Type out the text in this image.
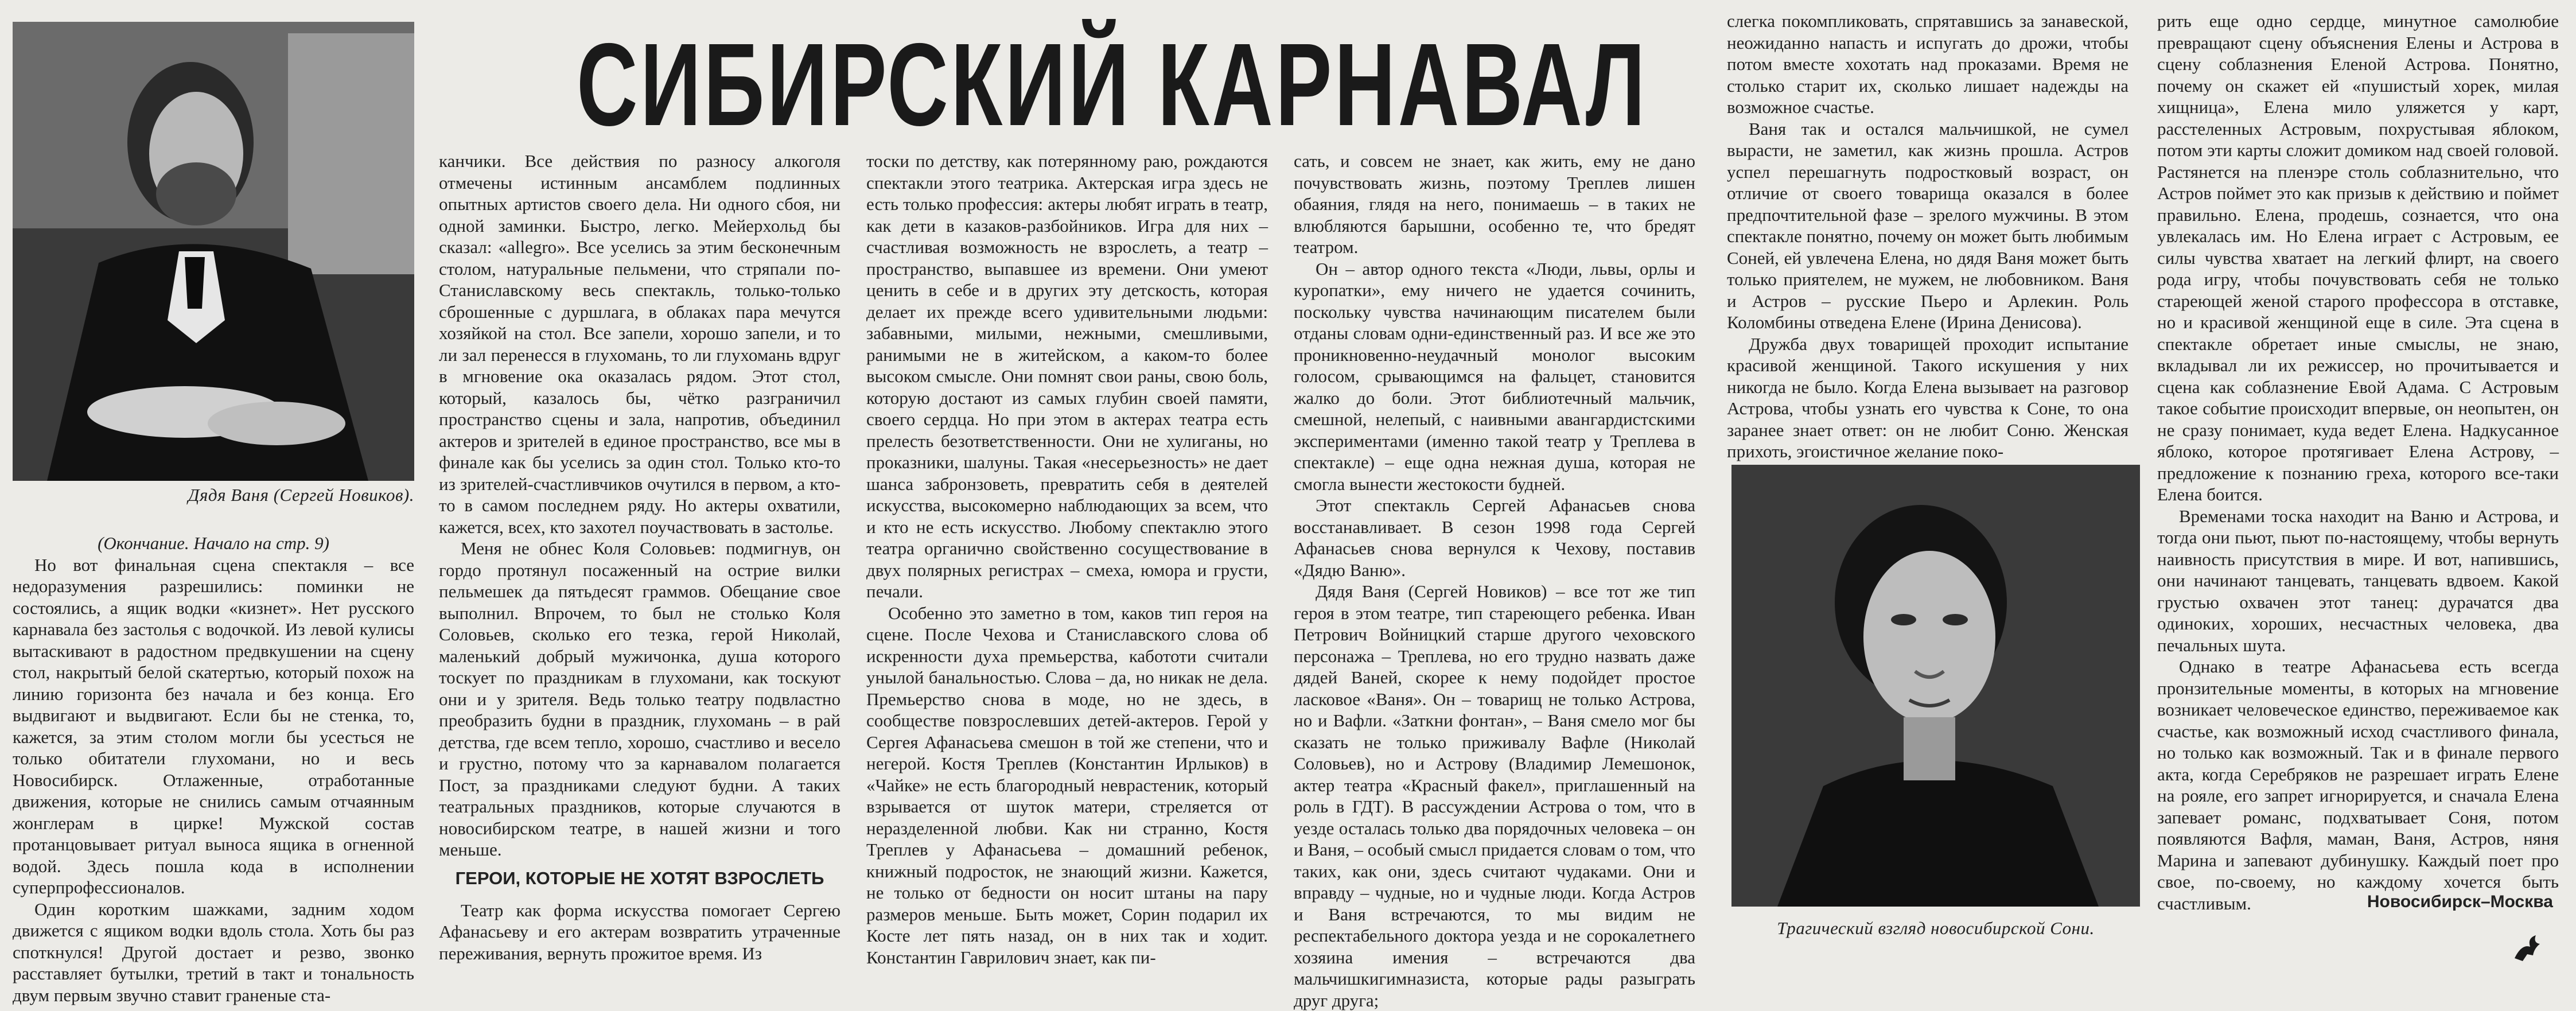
Дядя Ваня (Сергей Новиков).
СИБИРСКИЙ КАРНАВАЛ

(Окончание. Начало на стр. 9)

Но вот финальная сцена спектакля – все недоразумения разрешились: поминки не состоялись, а ящик водки «кизнет». Нет русского карнавала без застолья с водочкой. Из левой кулисы вытаскивают в радостном предвкушении на сцену стол, накрытый белой скатертью, который похож на линию горизонта без начала и без конца. Его выдвигают и выдвигают. Если бы не стенка, то, кажется, за этим столом могли бы усесться не только обитатели глухомани, но и весь Новосибирск. Отлаженные, отработанные движения, которые не снились самым отчаянным жонглерам в цирке! Мужской состав протанцовывает ритуал выноса ящика в огненной водой. Здесь пошла кода в исполнении суперпрофессионалов.

Один коротким шажками, задним ходом движется с ящиком водки вдоль стола. Хоть бы раз споткнулся! Другой достает и резво, звонко расставляет бутылки, третий в такт и тональность двум первым звучно ставит граненые ста-

канчики. Все действия по разносу алкоголя отмечены истинным ансамблем подлинных опытных артистов своего дела. Ни одного сбоя, ни одной заминки. Быстро, легко. Мейерхольд бы сказал: «allegro». Все уселись за этим бесконечным столом, натуральные пельмени, что стряпали по-Станиславскому весь спектакль, только-только сброшенные с дуршлага, в облаках пара мечутся хозяйкой на стол. Все запели, хорошо запели, и то ли зал перенесся в глухомань, то ли глухомань вдруг в мгновение ока оказалась рядом. Этот стол, который, казалось бы, чётко разграничил пространство сцены и зала, напротив, объединил актеров и зрителей в единое пространство, все мы в финале как бы уселись за один стол. Только кто-то из зрителей-счастливчиков очутился в первом, а кто-то в самом последнем ряду. Но актеры охватили, кажется, всех, кто захотел поучаствовать в застолье.

Меня не обнес Коля Соловьев: подмигнув, он гордо протянул посаженный на острие вилки пельмешек да пятьдесят граммов. Обещание свое выполнил. Впрочем, то был не столько Коля Соловьев, сколько его тезка, герой Николай, маленький добрый мужичонка, душа которого тоскует по праздникам в глухомани, как тоскуют они и у зрителя. Ведь только театру подвластно преобразить будни в праздник, глухомань – в рай детства, где всем тепло, хорошо, счастливо и весело и грустно, потому что за карнавалом полагается Пост, за праздниками следуют будни. А таких театральных праздников, которые случаются в новосибирском театре, в нашей жизни и того меньше.

ГЕРОИ, КОТОРЫЕ НЕ ХОТЯТ ВЗРОСЛЕТЬ

Театр как форма искусства помогает Сергею Афанасьеву и его актерам возвратить утраченные переживания, вернуть прожитое время. Из

тоски по детству, как потерянному раю, рождаются спектакли этого театрика. Актерская игра здесь не есть только профессия: актеры любят играть в театр, как дети в казаков-разбойников. Игра для них – счастливая возможность не взрослеть, а театр – пространство, выпавшее из времени. Они умеют ценить в себе и в других эту детскость, которая делает их прежде всего удивительными людьми: забавными, милыми, нежными, смешливыми, ранимыми не в житейском, а каком-то более высоком смысле. Они помнят свои раны, свою боль, которую достают из самых глубин своей памяти, своего сердца. Но при этом в актерах театра есть прелесть безответственности. Они не хулиганы, но проказники, шалуны. Такая «несерьезность» не дает шанса забронзоветь, превратить себя в деятелей искусства, высокомерно наблюдающих за всем, что и кто не есть искусство. Любому спектаклю этого театра органично свойственно сосуществование в двух полярных регистрах – смеха, юмора и грусти, печали.

Особенно это заметно в том, каков тип героя на сцене. После Чехова и Станиславского слова об искренности духа премьерства, кабототи считали унылой банальностью. Слова – да, но никак не дела. Премьерство снова в моде, но не здесь, в сообществе повзрослевших детей-актеров. Герой у Сергея Афанасьева смешон в той же степени, что и негерой. Костя Треплев (Константин Ирлыков) в «Чайке» не есть благородный неврастеник, который взрывается от шуток матери, стреляется от неразделенной любви. Как ни странно, Костя Треплев у Афанасьева – домашний ребенок, книжный подросток, не знающий жизни. Кажется, не только от бедности он носит штаны на пару размеров меньше. Быть может, Сорин подарил их Косте лет пять назад, он в них так и ходит. Константин Гаврилович знает, как пи-

сать, и совсем не знает, как жить, ему не дано почувствовать жизнь, поэтому Треплев лишен обаяния, глядя на него, понимаешь – в таких не влюбляются барышни, особенно те, что бредят театром.

Он – автор одного текста «Люди, львы, орлы и куропатки», ему ничего не удается сочинить, поскольку чувства начинающим писателем были отданы словам одни-единственный раз. И все же это проникновенно-неудачный монолог высоким голосом, срывающимся на фальцет, становится жалко до боли. Этот библиотечный мальчик, смешной, нелепый, с наивными авангардистскими экспериментами (именно такой театр у Треплева в спектакле) – еще одна нежная душа, которая не смогла вынести жестокости будней.

Этот спектакль Сергей Афанасьев снова восстанавливает. В сезон 1998 года Сергей Афанасьев снова вернулся к Чехову, поставив «Дядю Ваню».

Дядя Ваня (Сергей Новиков) – все тот же тип героя в этом театре, тип стареющего ребенка. Иван Петрович Войницкий старше другого чеховского персонажа – Треплева, но его трудно назвать даже дядей Ваней, скорее к нему подойдет простое ласковое «Ваня». Он – товарищ не только Астрова, но и Вафли. «Заткни фонтан», – Ваня смело мог бы сказать не только приживалу Вафле (Николай Соловьев), но и Астрову (Владимир Лемешонок, актер театра «Красный факел», приглашенный на роль в ГДТ). В рассуждении Астрова о том, что в уезде осталась только два порядочных человека – он и Ваня, – особый смысл придается словам о том, что таких, как они, здесь считают чудаками. Они и вправду – чудные, но и чудные люди. Когда Астров и Ваня встречаются, то мы видим не респектабельного доктора уезда и не сорокалетнего хозяина имения – встречаются два мальчишкигимназиста, которые рады разыграть друг друга;

слегка покомпликовать, спрятавшись за занавеской, неожиданно напасть и испугать до дрожи, чтобы потом вместе хохотать над проказами. Время не столько старит их, сколько лишает надежды на возможное счастье.

Ваня так и остался мальчишкой, не сумел вырасти, не заметил, как жизнь прошла. Астров успел перешагнуть подростковый возраст, он отличие от своего товарища оказался в более предпочтительной фазе – зрелого мужчины. В этом спектакле понятно, почему он может быть любимым Соней, ей увлечена Елена, но дядя Ваня может быть только приятелем, не мужем, не любовником. Ваня и Астров – русские Пьеро и Арлекин. Роль Коломбины отведена Елене (Ирина Денисова).

Дружба двух товарищей проходит испытание красивой женщиной. Такого искушения у них никогда не было. Когда Елена вызывает на разговор Астрова, чтобы узнать его чувства к Соне, то она заранее знает ответ: он не любит Соню. Женская прихоть, эгоистичное желание поко-

Трагический взгляд новосибирской Сони.

рить еще одно сердце, минутное самолюбие превращают сцену объяснения Елены и Астрова в сцену соблазнения Еленой Астрова. Понятно, почему он скажет ей «пушистый хорек, милая хищница», Елена мило уляжется у карт, расстеленных Астровым, похрустывая яблоком, потом эти карты сложит домиком над своей головой. Растянется на пленэре столь соблазнительно, что Астров поймет это как призыв к действию и поймет правильно. Елена, продешь, сознается, что она увлекалась им. Но Елена играет с Астровым, ее силы чувства хватает на легкий флирт, на своего рода игру, чтобы почувствовать себя не только стареющей женой старого профессора в отставке, но и красивой женщиной еще в силе. Эта сцена в спектакле обретает иные смыслы, не знаю, вкладывал ли их режиссер, но прочитывается и сцена как соблазнение Евой Адама. С Астровым такое событие происходит впервые, он неопытен, он не сразу понимает, куда ведет Елена. Надкусанное яблоко, которое протягивает Елена Астрову, – предложение к познанию греха, которого все-таки Елена боится.

Временами тоска находит на Ваню и Астрова, и тогда они пьют, пьют по-настоящему, чтобы вернуть наивность присутствия в мире. И вот, напившись, они начинают танцевать, танцевать вдвоем. Какой грустью охвачен этот танец: дурачатся два одиноких, хороших, несчастных человека, два печальных шута.

Однако в театре Афанасьева есть всегда пронзительные моменты, в которых на мгновение возникает человеческое единство, переживаемое как счастье, как возможный исход счастливого финала, но только как возможный. Так и в финале первого акта, когда Серебряков не разрешает играть Елене на рояле, его запрет игнорируется, и сначала Елена запевает романс, подхватывает Соня, потом появляются Вафля, маман, Ваня, Астров, няня Марина и запевают дубинушку. Каждый поет про свое, по-своему, но каждому хочется быть счастливым.	Новосибирск–Москва
